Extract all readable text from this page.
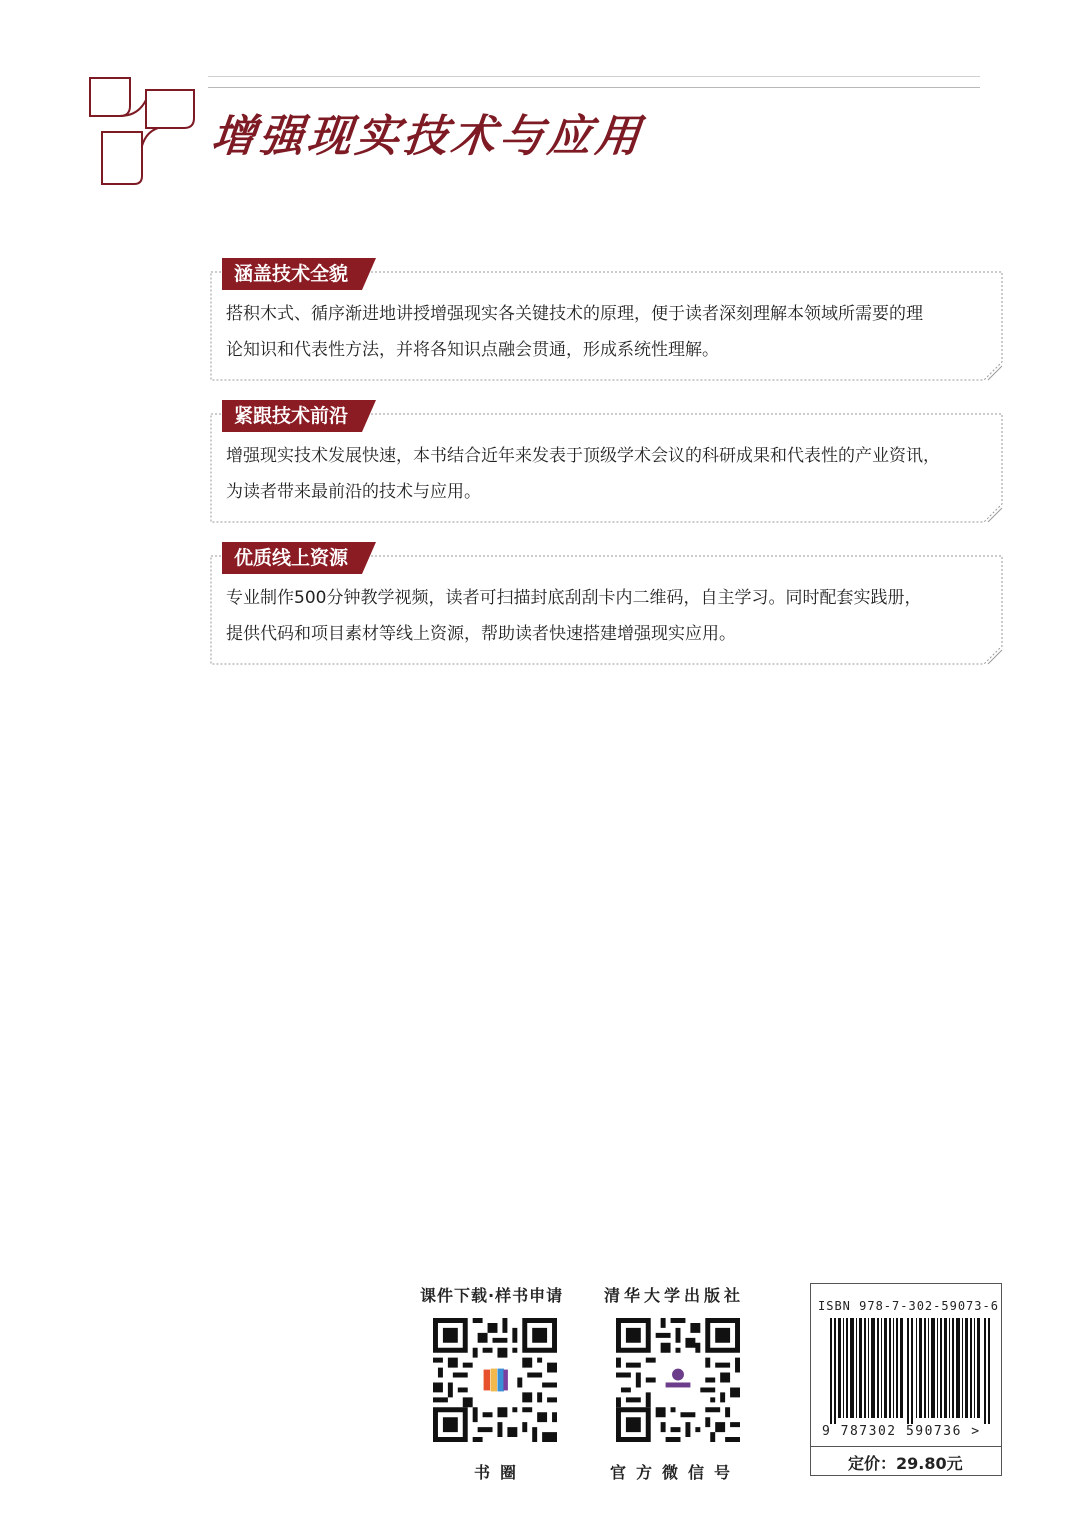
增强现实技术与应用
涵盖技术全貌
搭积木式、循序渐进地讲授增强现实各关键技术的原理，便于读者深刻理解本领域所需要的理
论知识和代表性方法，并将各知识点融会贯通，形成系统性理解。
紧跟技术前沿
增强现实技术发展快速，本书结合近年来发表于顶级学术会议的科研成果和代表性的产业资讯，
为读者带来最前沿的技术与应用。
优质线上资源
专业制作500分钟教学视频，读者可扫描封底刮刮卡内二维码，自主学习。同时配套实践册，
提供代码和项目素材等线上资源，帮助读者快速搭建增强现实应用。
课件下载·样书申请
书圈
清华大学出版社
官方微信号
ISBN 978-7-302-59073-6
9 787302 590736 >
定价：29.80元
